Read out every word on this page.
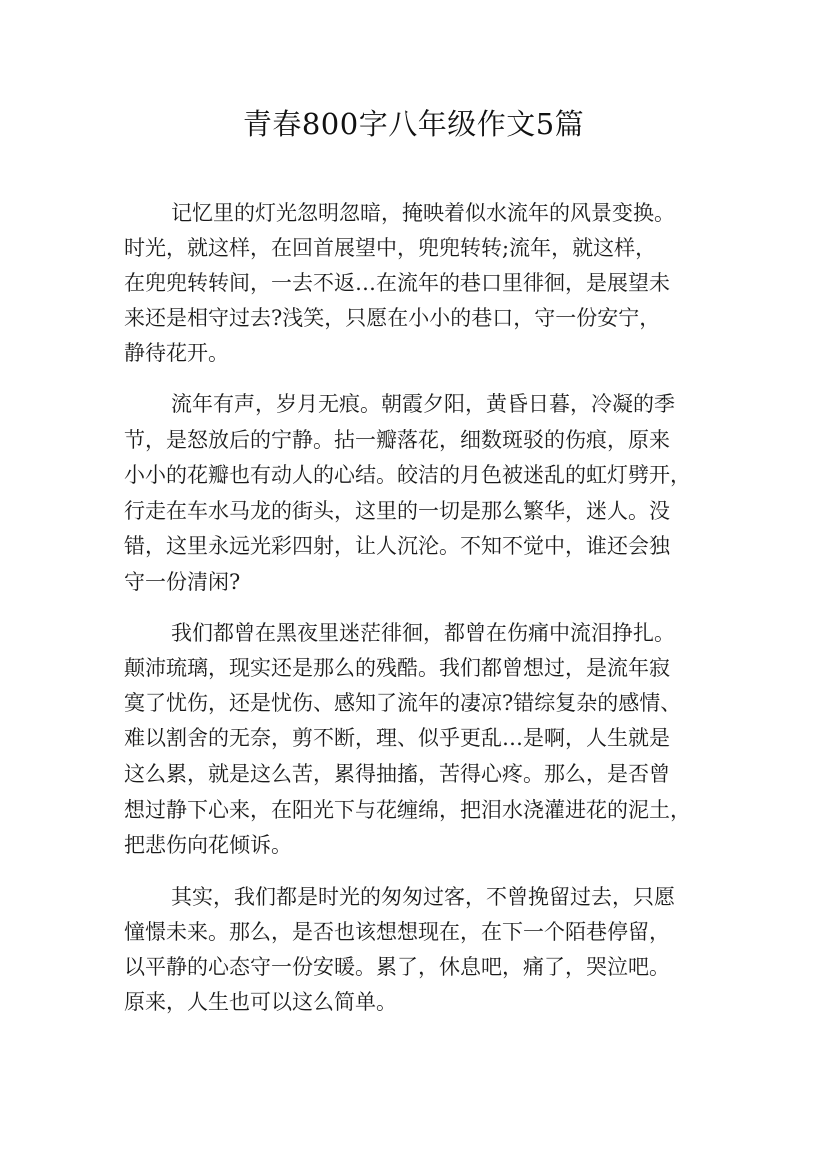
青春800字八年级作文5篇
记忆里的灯光忽明忽暗，掩映着似水流年的风景变换。
时光，就这样，在回首展望中，兜兜转转;流年，就这样，
在兜兜转转间，一去不返…在流年的巷口里徘徊，是展望未
来还是相守过去?浅笑，只愿在小小的巷口，守一份安宁，
静待花开。
流年有声，岁月无痕。朝霞夕阳，黄昏日暮，冷凝的季
节，是怒放后的宁静。拈一瓣落花，细数斑驳的伤痕，原来
小小的花瓣也有动人的心结。皎洁的月色被迷乱的虹灯劈开，
行走在车水马龙的街头，这里的一切是那么繁华，迷人。没
错，这里永远光彩四射，让人沉沦。不知不觉中，谁还会独
守一份清闲?
我们都曾在黑夜里迷茫徘徊，都曾在伤痛中流泪挣扎。
颠沛琉璃，现实还是那么的残酷。我们都曾想过，是流年寂
寞了忧伤，还是忧伤、感知了流年的凄凉?错综复杂的感情、
难以割舍的无奈，剪不断，理、似乎更乱…是啊，人生就是
这么累，就是这么苦，累得抽搐，苦得心疼。那么，是否曾
想过静下心来，在阳光下与花缠绵，把泪水浇灌进花的泥土，
把悲伤向花倾诉。
其实，我们都是时光的匆匆过客，不曾挽留过去，只愿
憧憬未来。那么，是否也该想想现在，在下一个陌巷停留，
以平静的心态守一份安暖。累了，休息吧，痛了，哭泣吧。
原来，人生也可以这么简单。
